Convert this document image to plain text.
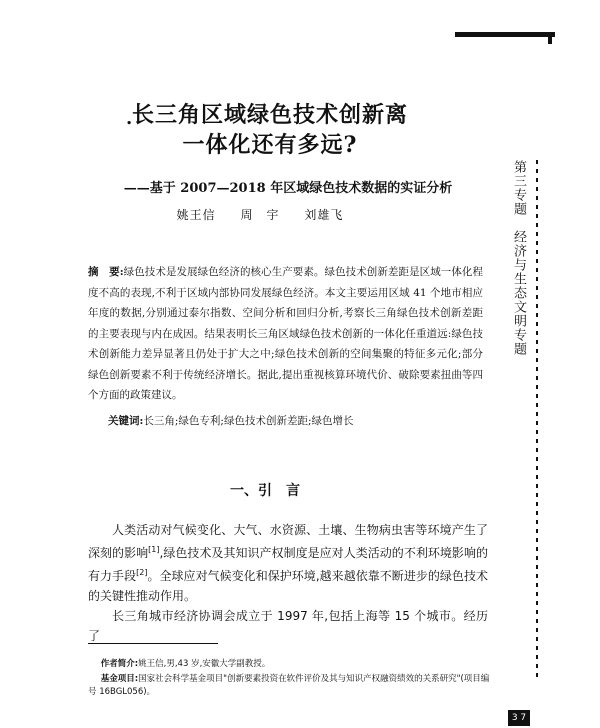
. 长三角区域绿色技术创新离
一体化还有多远?
——基于 2007—2018 年区域绿色技术数据的实证分析
姚王信 周　宇 刘雄飞
摘　要:绿色技术是发展绿色经济的核心生产要素。绿色技术创新差距是区域一体化程度不高的表现,不利于区域内部协同发展绿色经济。本文主要运用区域 41 个地市相应年度的数据,分别通过泰尔指数、空间分析和回归分析,考察长三角绿色技术创新差距的主要表现与内在成因。结果表明长三角区域绿色技术创新的一体化任重道远:绿色技术创新能力差异显著且仍处于扩大之中;绿色技术创新的空间集聚的特征多元化;部分绿色创新要素不利于传统经济增长。据此,提出重视核算环境代价、破除要素扭曲等四个方面的政策建议。
关键词:长三角;绿色专利;绿色技术创新差距;绿色增长
一、引　言

人类活动对气候变化、大气、水资源、土壤、生物病虫害等环境产生了深刻的影响[1],绿色技术及其知识产权制度是应对人类活动的不利环境影响的有力手段[2]。全球应对气候变化和保护环境,越来越依靠不断进步的绿色技术的关键性推动作用。

长三角城市经济协调会成立于 1997 年,包括上海等 15 个城市。经历了

作者简介:姚王信,男,43 岁,安徽大学副教授。

基金项目:国家社会科学基金项目"创新要素投资在软件评价及其与知识产权融资绩效的关系研究"(项目编号 16BGL056)。

第三专题　经济与生态文明专题
3 7
